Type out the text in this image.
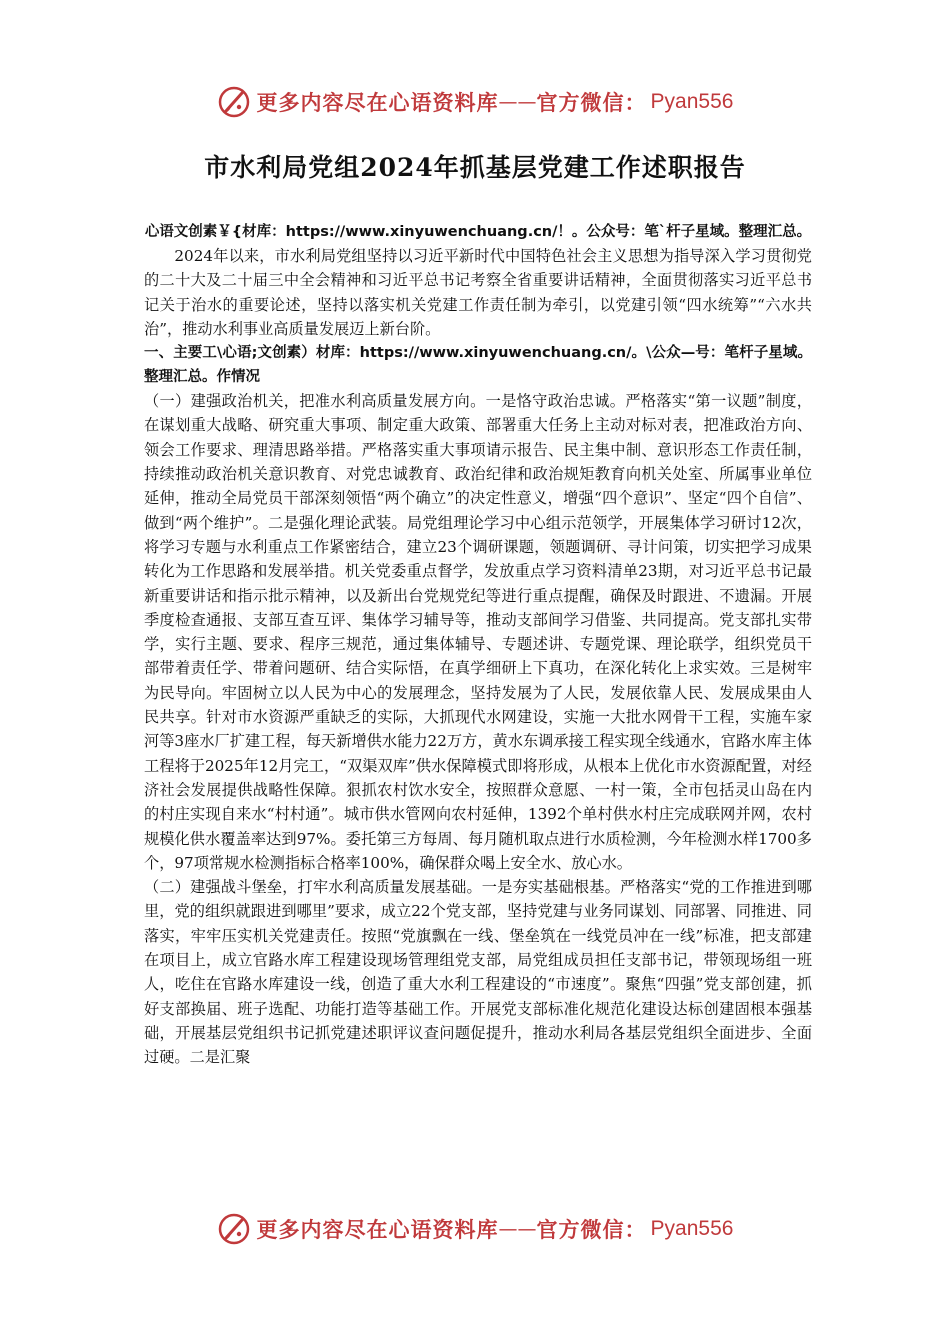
更多内容尽在心语资料库 —— 官方微信： Pyan556
市水利局党组2024年抓基层党建工作述职报告

心语文创素￥{材库：https://www.xinyuwenchuang.cn/！。公众号：笔`杆子星域。整理汇总。

2024年以来，市水利局党组坚持以习近平新时代中国特色社会主义思想为指导深入学习贯彻党的二十大及二十届三中全会精神和习近平总书记考察全省重要讲话精神，全面贯彻落实习近平总书记关于治水的重要论述，坚持以落实机关党建工作责任制为牵引，以党建引领“四水统筹”“六水共治”，推动水利事业高质量发展迈上新台阶。

一、主要工\心语;文创素）材库：https://www.xinyuwenchuang.cn/。\公众—号：笔杆子星域。整理汇总。作情况

（一）建强政治机关，把准水利高质量发展方向。一是恪守政治忠诚。严格落实“第一议题”制度，在谋划重大战略、研究重大事项、制定重大政策、部署重大任务上主动对标对表，把准政治方向、领会工作要求、理清思路举措。严格落实重大事项请示报告、民主集中制、意识形态工作责任制，持续推动政治机关意识教育、对党忠诚教育、政治纪律和政治规矩教育向机关处室、所属事业单位延伸，推动全局党员干部深刻领悟“两个确立”的决定性意义，增强“四个意识”、坚定“四个自信”、做到“两个维护”。二是强化理论武装。局党组理论学习中心组示范领学，开展集体学习研讨12次，将学习专题与水利重点工作紧密结合，建立23个调研课题，领题调研、寻计问策，切实把学习成果转化为工作思路和发展举措。机关党委重点督学，发放重点学习资料清单23期，对习近平总书记最新重要讲话和指示批示精神，以及新出台党规党纪等进行重点提醒，确保及时跟进、不遗漏。开展季度检查通报、支部互查互评、集体学习辅导等，推动支部间学习借鉴、共同提高。党支部扎实带学，实行主题、要求、程序三规范，通过集体辅导、专题述讲、专题党课、理论联学，组织党员干部带着责任学、带着问题研、结合实际悟，在真学细研上下真功，在深化转化上求实效。三是树牢为民导向。牢固树立以人民为中心的发展理念，坚持发展为了人民，发展依靠人民、发展成果由人民共享。针对市水资源严重缺乏的实际，大抓现代水网建设，实施一大批水网骨干工程，实施车家河等3座水厂扩建工程，每天新增供水能力22万方，黄水东调承接工程实现全线通水，官路水库主体工程将于2025年12月完工，“双渠双库”供水保障模式即将形成，从根本上优化市水资源配置，对经济社会发展提供战略性保障。狠抓农村饮水安全，按照群众意愿、一村一策，全市包括灵山岛在内的村庄实现自来水“村村通”。城市供水管网向农村延伸，1392个单村供水村庄完成联网并网，农村规模化供水覆盖率达到97%。委托第三方每周、每月随机取点进行水质检测，今年检测水样1700多个，97项常规水检测指标合格率100%，确保群众喝上安全水、放心水。

（二）建强战斗堡垒，打牢水利高质量发展基础。一是夯实基础根基。严格落实“党的工作推进到哪里，党的组织就跟进到哪里”要求，成立22个党支部，坚持党建与业务同谋划、同部署、同推进、同落实，牢牢压实机关党建责任。按照“党旗飘在一线、堡垒筑在一线党员冲在一线”标准，把支部建在项目上，成立官路水库工程建设现场管理组党支部，局党组成员担任支部书记，带领现场组一班人，吃住在官路水库建设一线，创造了重大水利工程建设的“市速度”。聚焦“四强”党支部创建，抓好支部换届、班子选配、功能打造等基础工作。开展党支部标准化规范化建设达标创建固根本强基础，开展基层党组织书记抓党建述职评议查问题促提升，推动水利局各基层党组织全面进步、全面过硬。二是汇聚

更多内容尽在心语资料库 —— 官方微信： Pyan556
